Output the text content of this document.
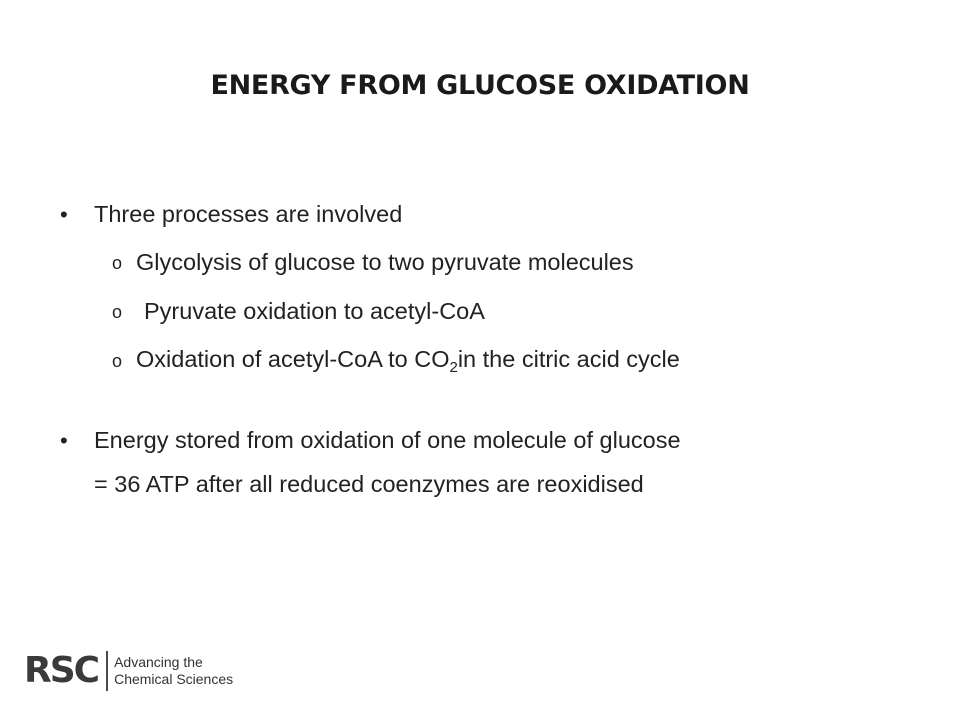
ENERGY FROM GLUCOSE OXIDATION
• Three processes are involved
o Glycolysis of glucose to two pyruvate molecules
o Pyruvate oxidation to acetyl-CoA
o Oxidation of acetyl-CoA to $CO_2in$ the citric acid cycle
• Energy stored from oxidation of one molecule of glucose
= 36 ATP after all reduced coenzymes are reoxidised
RSC Advancing the
Chemical Sciences
